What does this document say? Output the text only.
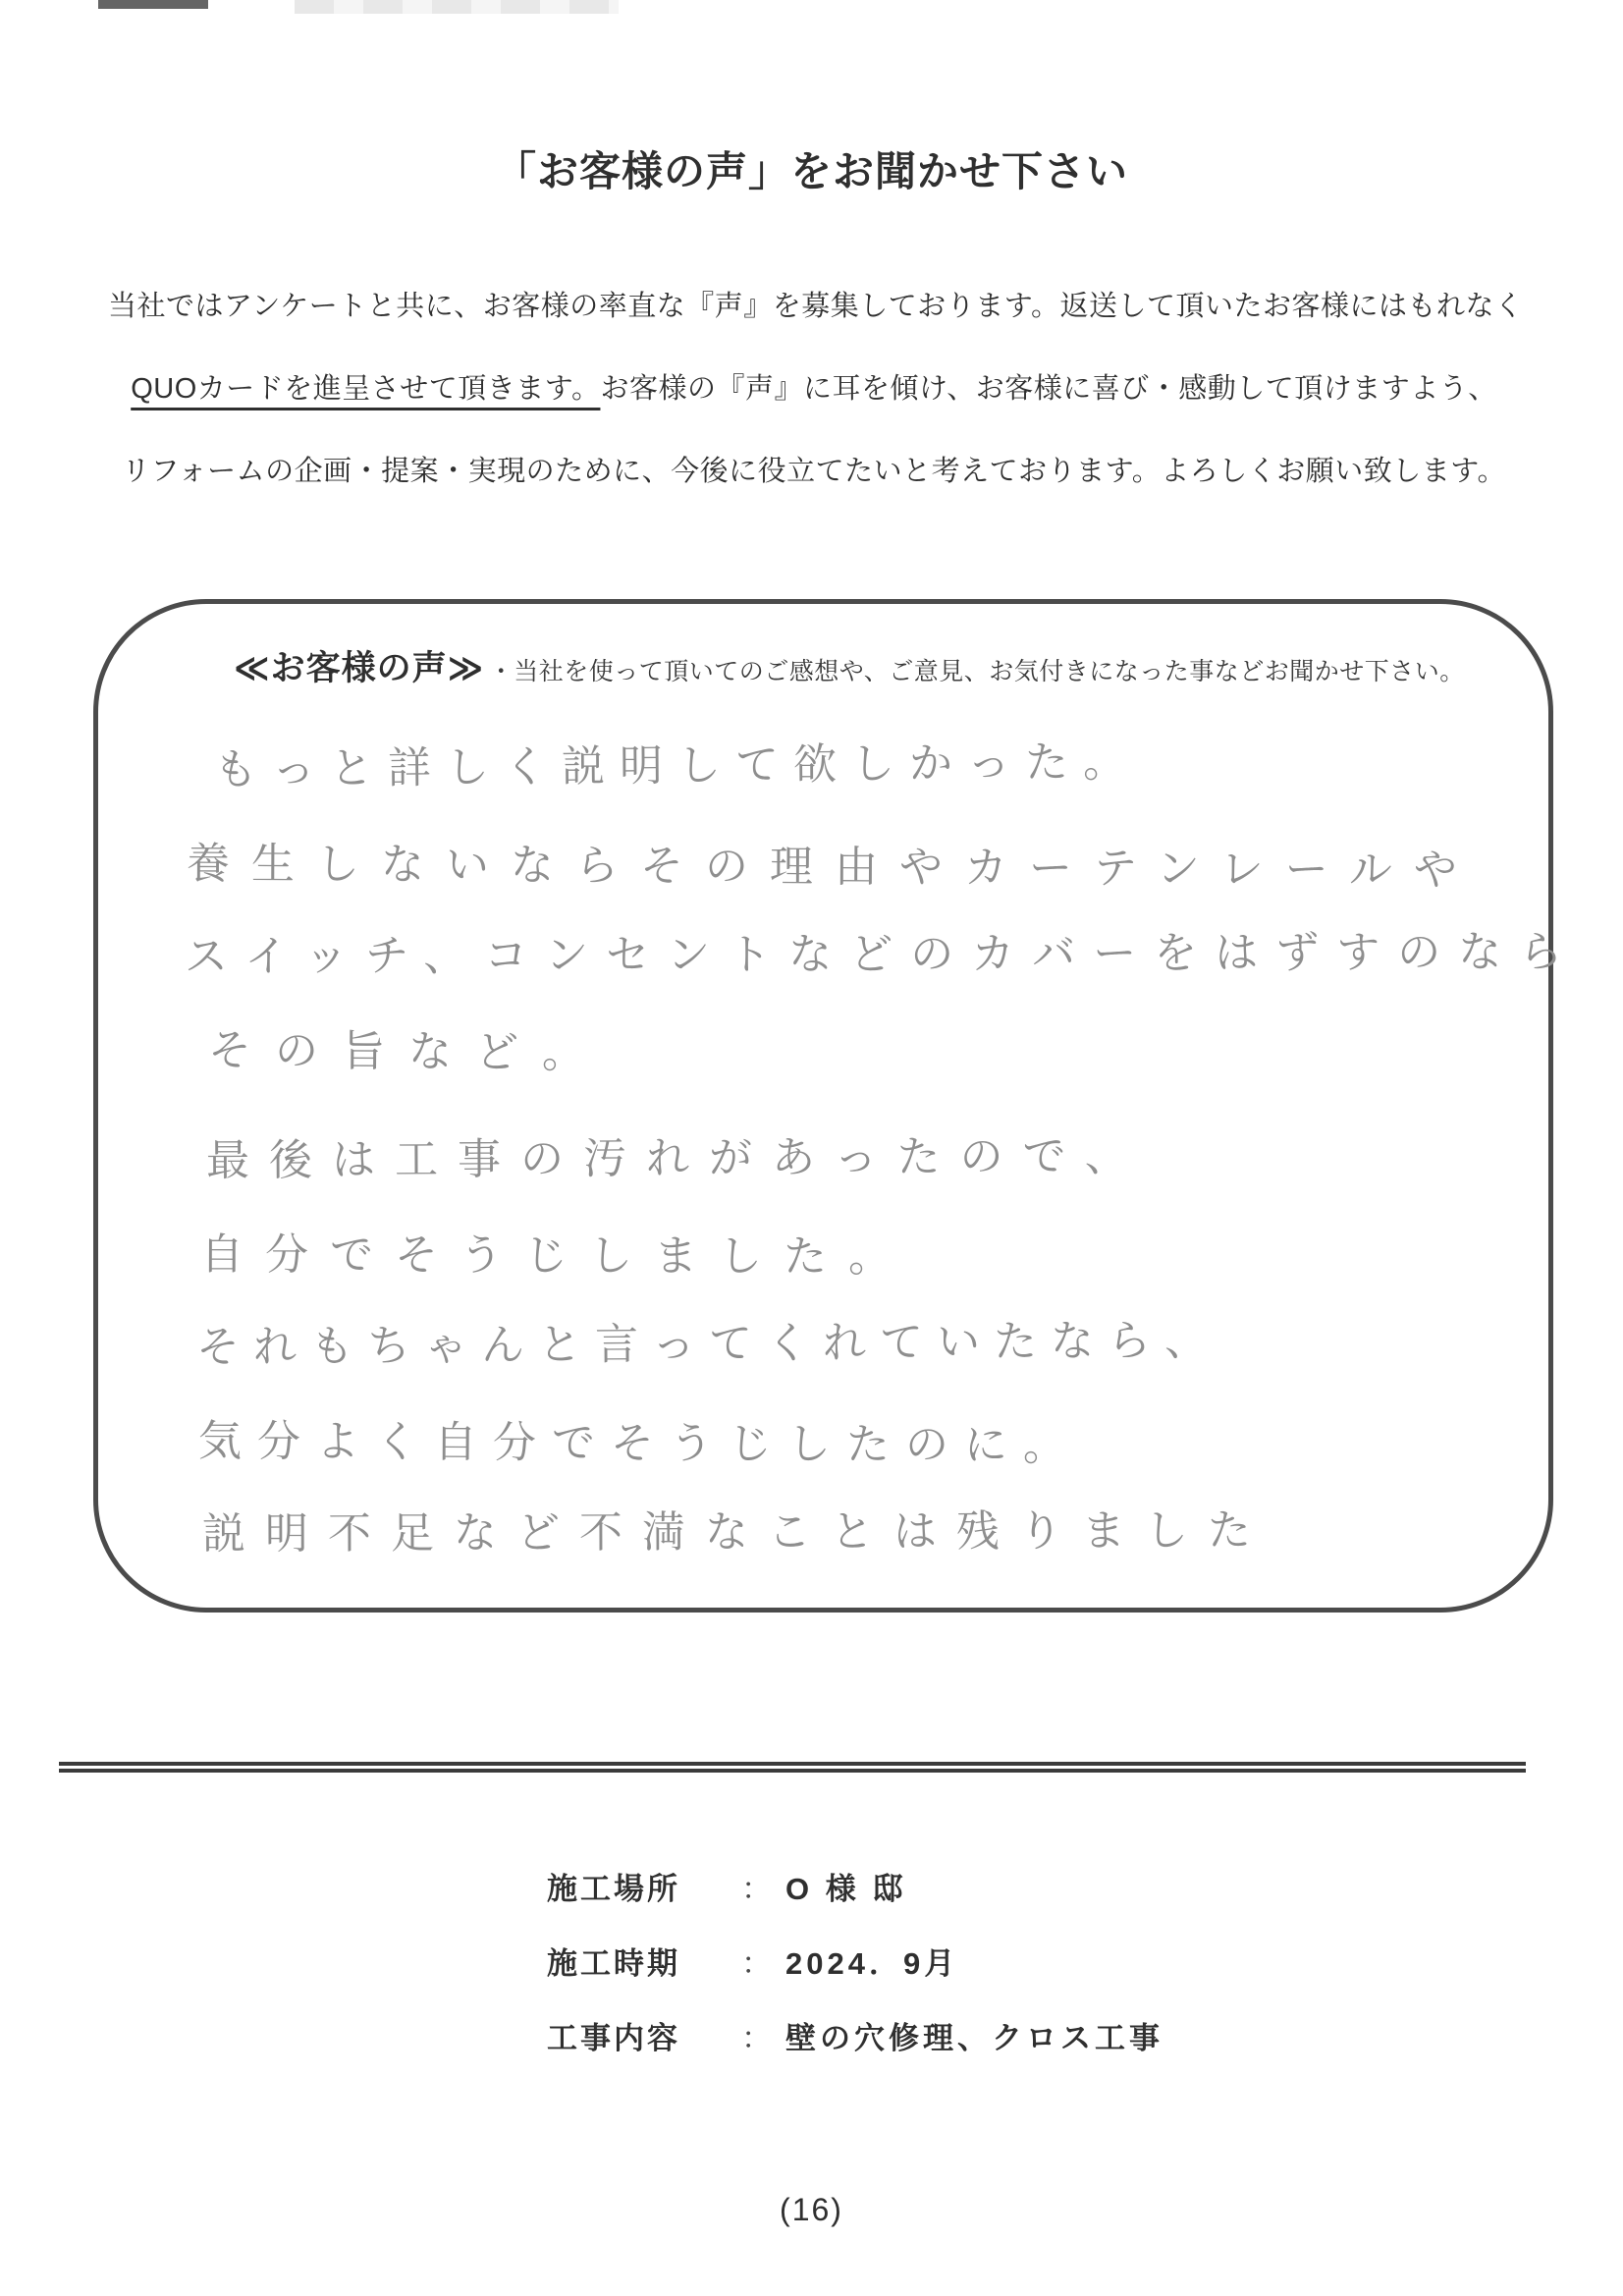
「お客様の声」をお聞かせ下さい

当社ではアンケートと共に、お客様の率直な『声』を募集しております。返送して頂いたお客様にはもれなく

QUOカードを進呈させて頂きます。お客様の『声』に耳を傾け、お客様に喜び・感動して頂けますよう、

リフォームの企画・提案・実現のために、今後に役立てたいと考えております。よろしくお願い致します。

≪お客様の声≫ ・当社を使って頂いてのご感想や、ご意見、お気付きになった事などお聞かせ下さい。
もっと詳しく説明して欲しかった。
養生しないならその理由やカーテンレールや
スイッチ、コンセントなどのカバーをはずすのなら
その旨など。
最後は工事の汚れがあったので、
自分でそうじしました。
それもちゃんと言ってくれていたなら、
気分よく自分でそうじしたのに。
説明不足など不満なことは残りました
施工場所	： O 様 邸
施工時期	： 2024．9月
工事内容	： 壁の穴修理、クロス工事
(16)
